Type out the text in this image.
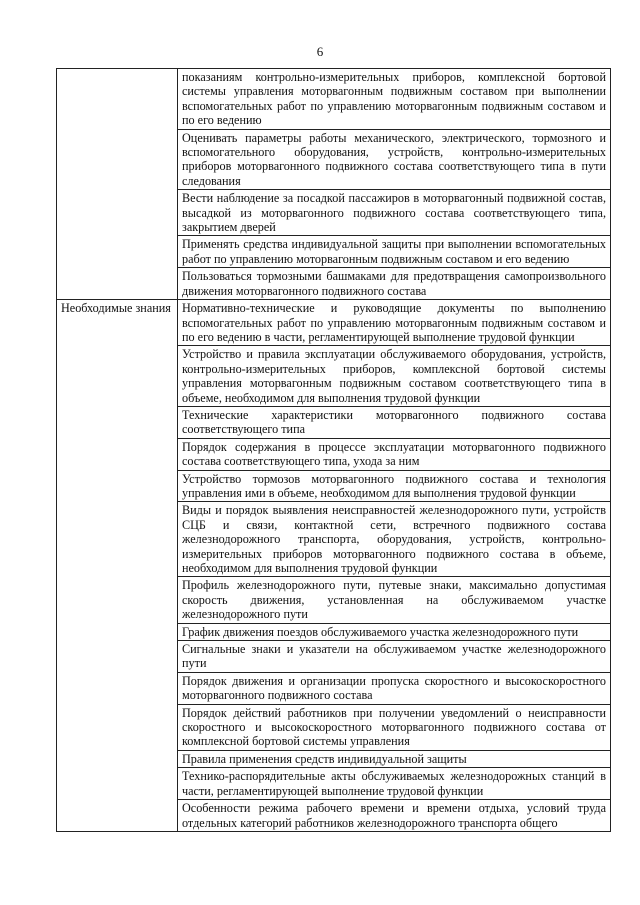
6
	показаниям контрольно-измерительных приборов, комплексной бортовой системы управления моторвагонным подвижным составом при выполнении вспомогательных работ по управлению моторвагонным подвижным составом и по его ведению
	Оценивать параметры работы механического, электрического, тормозного и вспомогательного оборудования, устройств, контрольно-измерительных приборов моторвагонного подвижного состава соответствующего типа в пути следования
	Вести наблюдение за посадкой пассажиров в моторвагонный подвижной состав, высадкой из моторвагонного подвижного состава соответствующего типа, закрытием дверей
	Применять средства индивидуальной защиты при выполнении вспомогательных работ по управлению моторвагонным подвижным составом и его ведению
	Пользоваться тормозными башмаками для предотвращения самопроизвольного движения моторвагонного подвижного состава
Необходимые знания	Нормативно-технические и руководящие документы по выполнению вспомогательных работ по управлению моторвагонным подвижным составом и по его ведению в части, регламентирующей выполнение трудовой функции
	Устройство и правила эксплуатации обслуживаемого оборудования, устройств, контрольно-измерительных приборов, комплексной бортовой системы управления моторвагонным подвижным составом соответствующего типа в объеме, необходимом для выполнения трудовой функции
	Технические характеристики моторвагонного подвижного состава соответствующего типа
	Порядок содержания в процессе эксплуатации моторвагонного подвижного состава соответствующего типа, ухода за ним
	Устройство тормозов моторвагонного подвижного состава и технология управления ими в объеме, необходимом для выполнения трудовой функции
	Виды и порядок выявления неисправностей железнодорожного пути, устройств СЦБ и связи, контактной сети, встречного подвижного состава железнодорожного транспорта, оборудования, устройств, контрольно-измерительных приборов моторвагонного подвижного состава в объеме, необходимом для выполнения трудовой функции
	Профиль железнодорожного пути, путевые знаки, максимально допустимая скорость движения, установленная на обслуживаемом участке железнодорожного пути
	График движения поездов обслуживаемого участка железнодорожного пути
	Сигнальные знаки и указатели на обслуживаемом участке железнодорожного пути
	Порядок движения и организации пропуска скоростного и высокоскоростного моторвагонного подвижного состава
	Порядок действий работников при получении уведомлений о неисправности скоростного и высокоскоростного моторвагонного подвижного состава от комплексной бортовой системы управления
	Правила применения средств индивидуальной защиты
	Технико-распорядительные акты обслуживаемых железнодорожных станций в части, регламентирующей выполнение трудовой функции
	Особенности режима рабочего времени и времени отдыха, условий труда отдельных категорий работников железнодорожного транспорта общего
